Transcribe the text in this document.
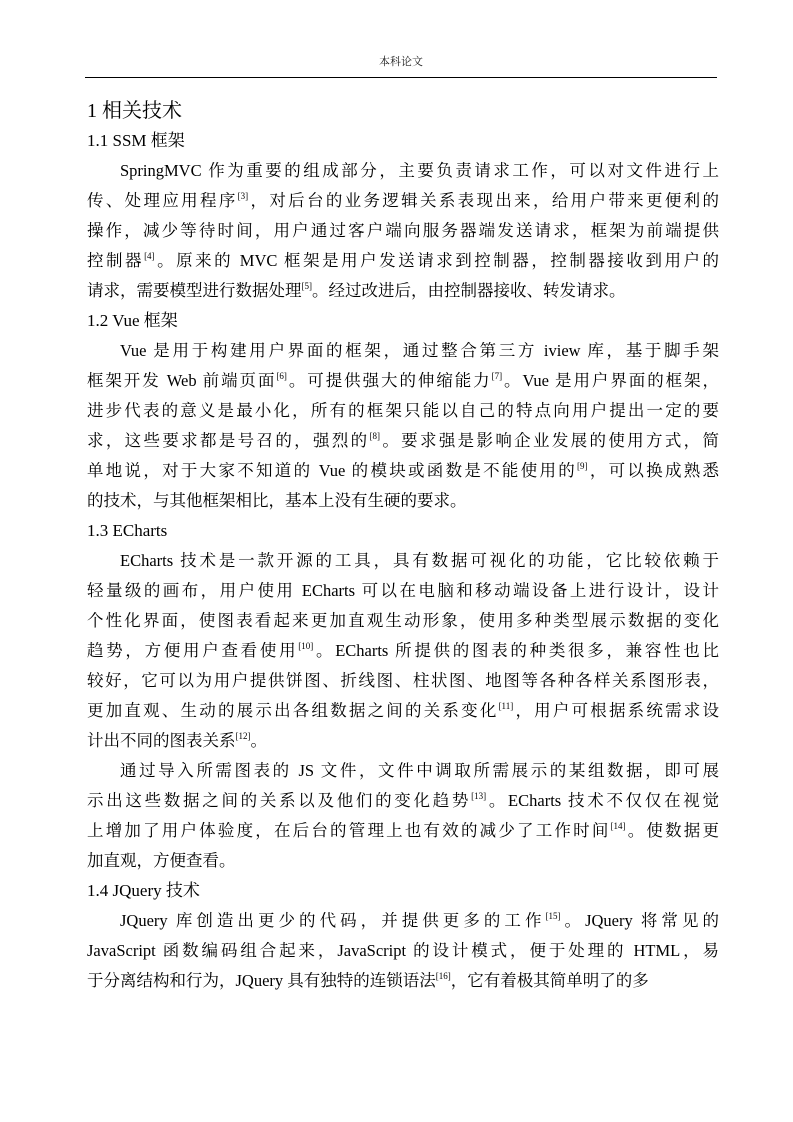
本科论文
1 相关技术
1.1 SSM 框架
SpringMVC 作为重要的组成部分，主要负责请求工作，可以对文件进行上
传、处理应用程序[3]，对后台的业务逻辑关系表现出来，给用户带来更便利的
操作，减少等待时间，用户通过客户端向服务器端发送请求，框架为前端提供
控制器[4]。原来的 MVC 框架是用户发送请求到控制器，控制器接收到用户的
请求，需要模型进行数据处理[5]。经过改进后，由控制器接收、转发请求。
1.2 Vue 框架
Vue 是用于构建用户界面的框架，通过整合第三方 iview 库，基于脚手架
框架开发 Web 前端页面[6]。可提供强大的伸缩能力[7]。Vue 是用户界面的框架，
进步代表的意义是最小化，所有的框架只能以自己的特点向用户提出一定的要
求，这些要求都是号召的，强烈的[8]。要求强是影响企业发展的使用方式，简
单地说，对于大家不知道的 Vue 的模块或函数是不能使用的[9]，可以换成熟悉
的技术，与其他框架相比，基本上没有生硬的要求。
1.3 ECharts
ECharts 技术是一款开源的工具，具有数据可视化的功能，它比较依赖于
轻量级的画布，用户使用 ECharts 可以在电脑和移动端设备上进行设计，设计
个性化界面，使图表看起来更加直观生动形象，使用多种类型展示数据的变化
趋势，方便用户查看使用[10]。ECharts 所提供的图表的种类很多，兼容性也比
较好，它可以为用户提供饼图、折线图、柱状图、地图等各种各样关系图形表，
更加直观、生动的展示出各组数据之间的关系变化[11]，用户可根据系统需求设
计出不同的图表关系[12]。
通过导入所需图表的 JS 文件，文件中调取所需展示的某组数据，即可展
示出这些数据之间的关系以及他们的变化趋势[13]。ECharts 技术不仅仅在视觉
上增加了用户体验度，在后台的管理上也有效的减少了工作时间[14]。使数据更
加直观，方便查看。
1.4 JQuery 技术
JQuery 库创造出更少的代码，并提供更多的工作[15]。JQuery 将常见的
JavaScript 函数编码组合起来，JavaScript 的设计模式，便于处理的 HTML，易
于分离结构和行为，JQuery 具有独特的连锁语法[16]，它有着极其简单明了的多
